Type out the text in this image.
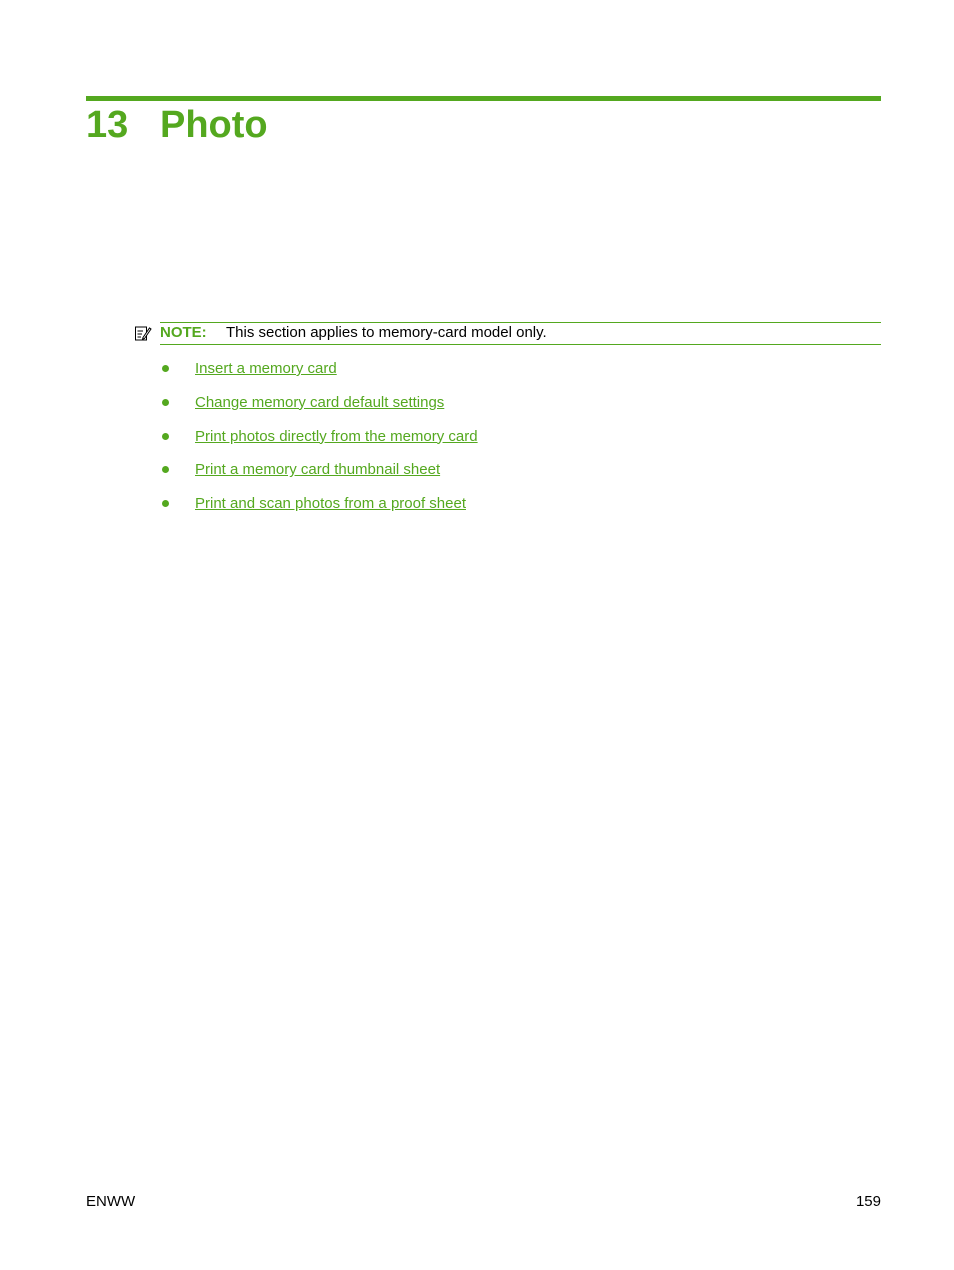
13 Photo
NOTE: This section applies to memory-card model only.
Insert a memory card
Change memory card default settings
Print photos directly from the memory card
Print a memory card thumbnail sheet
Print and scan photos from a proof sheet
ENWW	159
